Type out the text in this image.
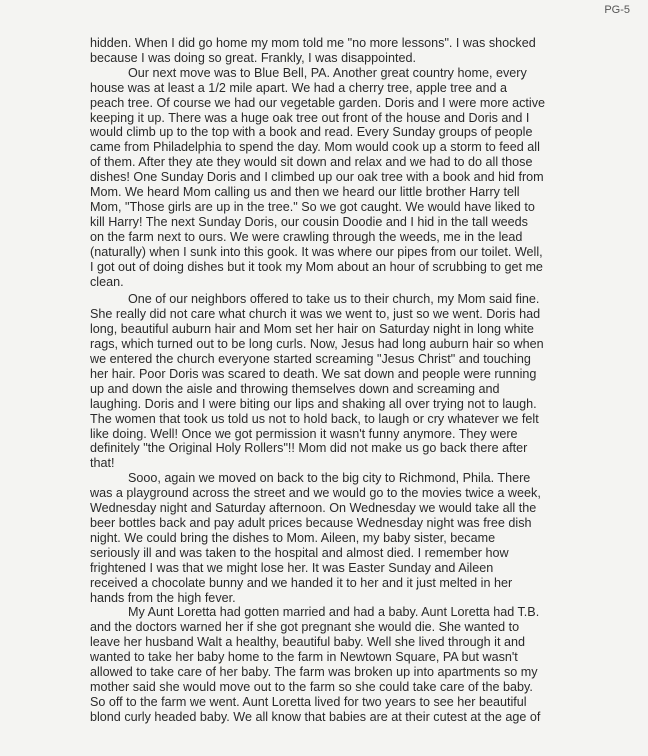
PG-5

hidden. When I did go home my mom told me "no more lessons". I was shocked

because I was doing so great. Frankly, I was disappointed.

Our next move was to Blue Bell, PA. Another great country home, every

house was at least a 1/2 mile apart. We had a cherry tree, apple tree and a

peach tree. Of course we had our vegetable garden. Doris and I were more active

keeping it up. There was a huge oak tree out front of the house and Doris and I

would climb up to the top with a book and read. Every Sunday groups of people

came from Philadelphia to spend the day. Mom would cook up a storm to feed all

of them. After they ate they would sit down and relax and we had to do all those

dishes! One Sunday Doris and I climbed up our oak tree with a book and hid from

Mom. We heard Mom calling us and then we heard our little brother Harry tell

Mom, "Those girls are up in the tree." So we got caught. We would have liked to

kill Harry! The next Sunday Doris, our cousin Doodie and I hid in the tall weeds

on the farm next to ours. We were crawling through the weeds, me in the lead

(naturally) when I sunk into this gook. It was where our pipes from our toilet. Well,

I got out of doing dishes but it took my Mom about an hour of scrubbing to get me

clean.

One of our neighbors offered to take us to their church, my Mom said fine.

She really did not care what church it was we went to, just so we went. Doris had

long, beautiful auburn hair and Mom set her hair on Saturday night in long white

rags, which turned out to be long curls. Now, Jesus had long auburn hair so when

we entered the church everyone started screaming "Jesus Christ" and touching

her hair. Poor Doris was scared to death. We sat down and people were running

up and down the aisle and throwing themselves down and screaming and

laughing. Doris and I were biting our lips and shaking all over trying not to laugh.

The women that took us told us not to hold back, to laugh or cry whatever we felt

like doing. Well! Once we got permission it wasn't funny anymore. They were

definitely "the Original Holy Rollers"!! Mom did not make us go back there after

that!

Sooo, again we moved on back to the big city to Richmond, Phila. There

was a playground across the street and we would go to the movies twice a week,

Wednesday night and Saturday afternoon. On Wednesday we would take all the

beer bottles back and pay adult prices because Wednesday night was free dish

night. We could bring the dishes to Mom. Aileen, my baby sister, became

seriously ill and was taken to the hospital and almost died. I remember how

frightened I was that we might lose her. It was Easter Sunday and Aileen

received a chocolate bunny and we handed it to her and it just melted in her

hands from the high fever.

My Aunt Loretta had gotten married and had a baby. Aunt Loretta had T.B.

and the doctors warned her if she got pregnant she would die. She wanted to

leave her husband Walt a healthy, beautiful baby. Well she lived through it and

wanted to take her baby home to the farm in Newtown Square, PA but wasn't

allowed to take care of her baby. The farm was broken up into apartments so my

mother said she would move out to the farm so she could take care of the baby.

So off to the farm we went. Aunt Loretta lived for two years to see her beautiful

blond curly headed baby. We all know that babies are at their cutest at the age of
